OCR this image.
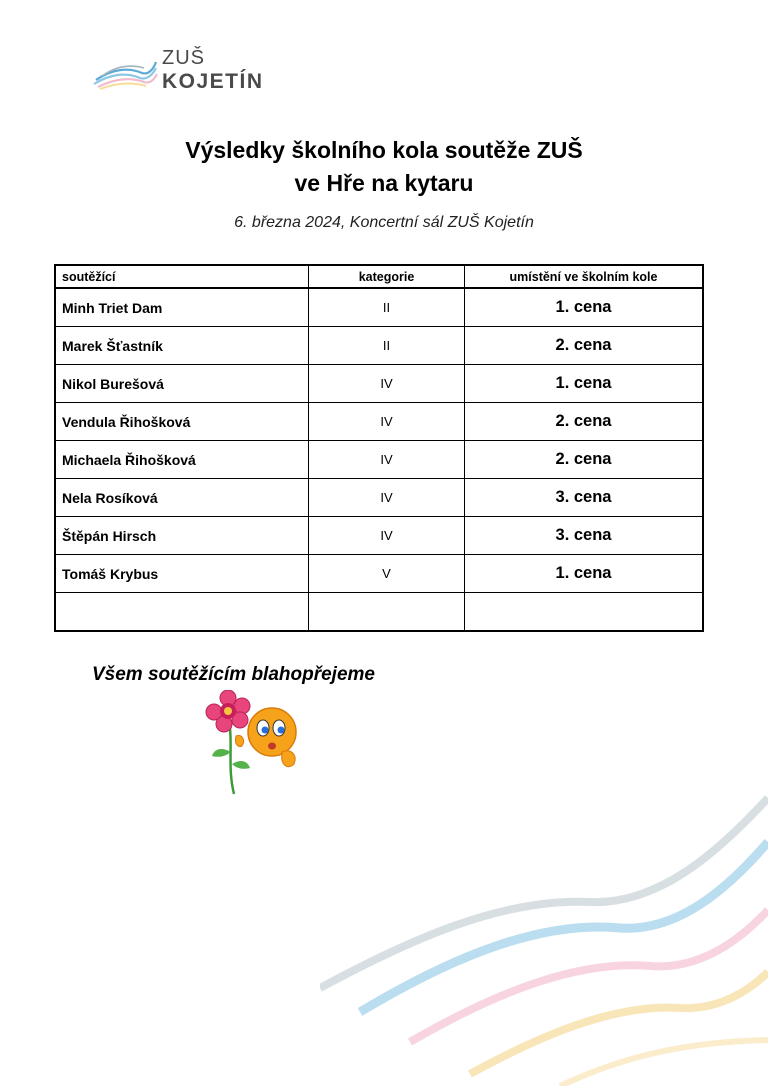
ZUŠ
KOJETÍN
Výsledky školního kola soutěže ZUŠ
ve Hře na kytaru
6. března 2024, Koncertní sál ZUŠ Kojetín
soutěžící	kategorie	umístění ve školním kole
Minh Triet Dam	II	1. cena
Marek Šťastník	II	2. cena
Nikol Burešová	IV	1. cena
Vendula Řihošková	IV	2. cena
Michaela Řihošková	IV	2. cena
Nela Rosíková	IV	3. cena
Štěpán Hirsch	IV	3. cena
Tomáš Krybus	V	1. cena

Všem soutěžícím blahopřejeme
